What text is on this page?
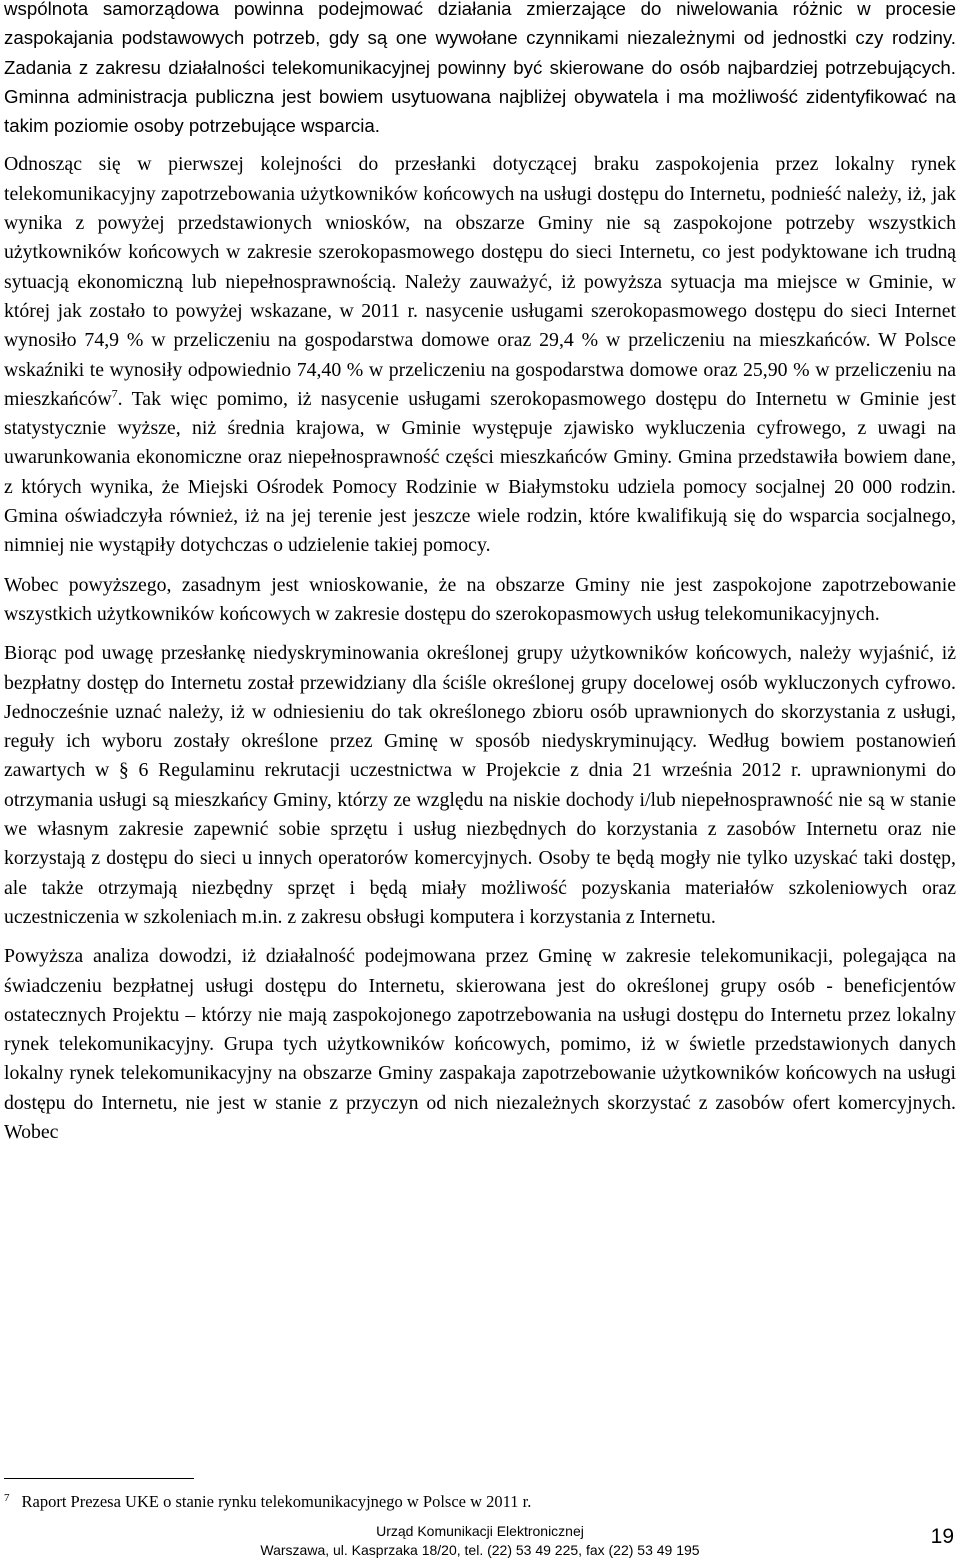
wspólnota samorządowa powinna podejmować działania zmierzające do niwelowania różnic w procesie zaspokajania podstawowych potrzeb, gdy są one wywołane czynnikami niezależnymi od jednostki czy rodziny. Zadania z zakresu działalności telekomunikacyjnej powinny być skierowane do osób najbardziej potrzebujących. Gminna administracja publiczna jest bowiem usytuowana najbliżej obywatela i ma możliwość zidentyfikować na takim poziomie osoby potrzebujące wsparcia.

Odnosząc się w pierwszej kolejności do przesłanki dotyczącej braku zaspokojenia przez lokalny rynek telekomunikacyjny zapotrzebowania użytkowników końcowych na usługi dostępu do Internetu, podnieść należy, iż, jak wynika z powyżej przedstawionych wniosków, na obszarze Gminy nie są zaspokojone potrzeby wszystkich użytkowników końcowych w zakresie szerokopasmowego dostępu do sieci Internetu, co jest podyktowane ich trudną sytuacją ekonomiczną lub niepełnosprawnością. Należy zauważyć, iż powyższa sytuacja ma miejsce w Gminie, w której jak zostało to powyżej wskazane, w 2011 r. nasycenie usługami szerokopasmowego dostępu do sieci Internet wynosiło 74,9 % w przeliczeniu na gospodarstwa domowe oraz 29,4 % w przeliczeniu na mieszkańców. W Polsce wskaźniki te wynosiły odpowiednio 74,40 % w przeliczeniu na gospodarstwa domowe oraz 25,90 % w przeliczeniu na mieszkańców$^7$. Tak więc pomimo, iż nasycenie usługami szerokopasmowego dostępu do Internetu w Gminie jest statystycznie wyższe, niż średnia krajowa, w Gminie występuje zjawisko wykluczenia cyfrowego, z uwagi na uwarunkowania ekonomiczne oraz niepełnosprawność części mieszkańców Gminy. Gmina przedstawiła bowiem dane, z których wynika, że Miejski Ośrodek Pomocy Rodzinie w Białymstoku udziela pomocy socjalnej 20 000 rodzin. Gmina oświadczyła również, iż na jej terenie jest jeszcze wiele rodzin, które kwalifikują się do wsparcia socjalnego, nimniej nie wystąpiły dotychczas o udzielenie takiej pomocy.

Wobec powyższego, zasadnym jest wnioskowanie, że na obszarze Gminy nie jest zaspokojone zapotrzebowanie wszystkich użytkowników końcowych w zakresie dostępu do szerokopasmowych usług telekomunikacyjnych.

Biorąc pod uwagę przesłankę niedyskryminowania określonej grupy użytkowników końcowych, należy wyjaśnić, iż bezpłatny dostęp do Internetu został przewidziany dla ściśle określonej grupy docelowej osób wykluczonych cyfrowo. Jednocześnie uznać należy, iż w odniesieniu do tak określonego zbioru osób uprawnionych do skorzystania z usługi, reguły ich wyboru zostały określone przez Gminę w sposób niedyskryminujący. Według bowiem postanowień zawartych w § 6 Regulaminu rekrutacji uczestnictwa w Projekcie z dnia 21 września 2012 r. uprawnionymi do otrzymania usługi są mieszkańcy Gminy, którzy ze względu na niskie dochody i/lub niepełnosprawność nie są w stanie we własnym zakresie zapewnić sobie sprzętu i usług niezbędnych do korzystania z zasobów Internetu oraz nie korzystają z dostępu do sieci u innych operatorów komercyjnych. Osoby te będą mogły nie tylko uzyskać taki dostęp, ale także otrzymają niezbędny sprzęt i będą miały możliwość pozyskania materiałów szkoleniowych oraz uczestniczenia w szkoleniach m.in. z zakresu obsługi komputera i korzystania z Internetu.

Powyższa analiza dowodzi, iż działalność podejmowana przez Gminę w zakresie telekomunikacji, polegająca na świadczeniu bezpłatnej usługi dostępu do Internetu, skierowana jest do określonej grupy osób - beneficjentów ostatecznych Projektu – którzy nie mają zaspokojonego zapotrzebowania na usługi dostępu do Internetu przez lokalny rynek telekomunikacyjny. Grupa tych użytkowników końcowych, pomimo, iż w świetle przedstawionych danych lokalny rynek telekomunikacyjny na obszarze Gminy zaspakaja zapotrzebowanie użytkowników końcowych na usługi dostępu do Internetu, nie jest w stanie z przyczyn od nich niezależnych skorzystać z zasobów ofert komercyjnych. Wobec

$^7$ Raport Prezesa UKE o stanie rynku telekomunikacyjnego w Polsce w 2011 r.

Urząd Komunikacji Elektronicznej

Warszawa, ul. Kasprzaka 18/20, tel. (22) 53 49 225, fax (22) 53 49 195

19
